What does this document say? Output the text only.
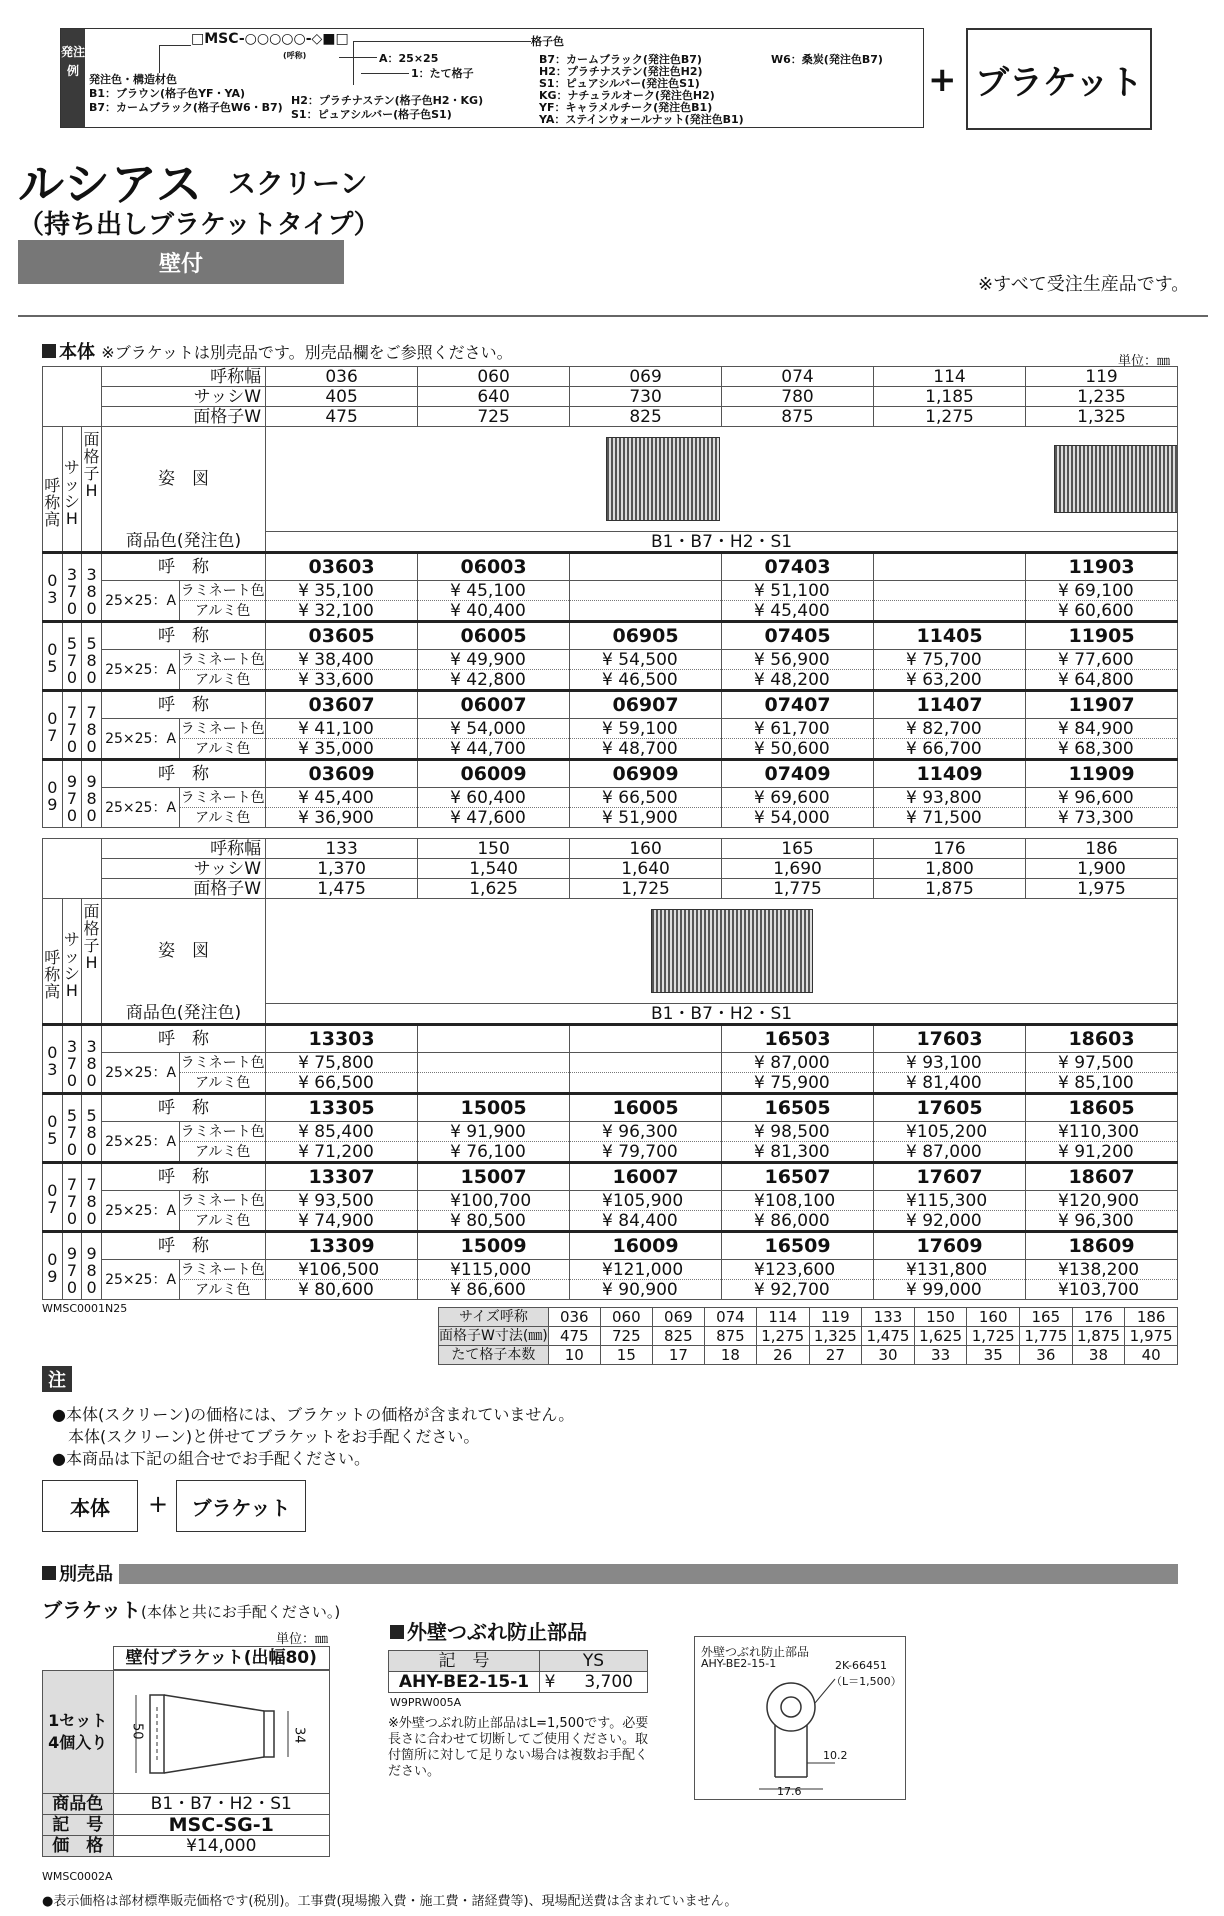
発注例
□MSC-○○○○○-◇■□
(呼称)
格子色
A：25×25
1：たて格子
発注色・構造材色
B1：ブラウン(格子色YF・YA)
B7：カームブラック(格子色W6・B7)
H2：プラチナステン(格子色H2・KG)
S1：ピュアシルバー(格子色S1)
B7：カームブラック(発注色B7)
H2：プラチナステン(発注色H2)
S1：ピュアシルバー(発注色S1)
KG：ナチュラルオーク(発注色H2)
YF：キャラメルチーク(発注色B1)
YA：ステインウォールナット(発注色B1)
W6：桑炭(発注色B7)
+ ブラケット
ルシアス スクリーン
（持ち出しブラケットタイプ）
壁付
※すべて受注生産品です。
本体 ※ブラケットは別売品です。別売品欄をご参照ください。	単位：㎜
			呼称幅		036	060	069	074	114	119
			サッシW		405	640	730	780	1,185	1,235
			面格子W		475	725	825	875	1,275	1,325
呼称高	サッシH	面格子H	姿　図							

			商品色(発注色)		B1・B7・H2・S1					
03	370	380	呼　称		03603	06003		07403		11903
			25×25：A	ラミネート色	¥ 35,100	¥ 45,100		¥ 51,100		¥ 69,100
				アルミ色	¥ 32,100	¥ 40,400		¥ 45,400		¥ 60,600
05	570	580	呼　称		03605	06005	06905	07405	11405	11905
			25×25：A	ラミネート色	¥ 38,400	¥ 49,900	¥ 54,500	¥ 56,900	¥ 75,700	¥ 77,600
				アルミ色	¥ 33,600	¥ 42,800	¥ 46,500	¥ 48,200	¥ 63,200	¥ 64,800
07	770	780	呼　称		03607	06007	06907	07407	11407	11907
			25×25：A	ラミネート色	¥ 41,100	¥ 54,000	¥ 59,100	¥ 61,700	¥ 82,700	¥ 84,900
				アルミ色	¥ 35,000	¥ 44,700	¥ 48,700	¥ 50,600	¥ 66,700	¥ 68,300
09	970	980	呼　称		03609	06009	06909	07409	11409	11909
			25×25：A	ラミネート色	¥ 45,400	¥ 60,400	¥ 66,500	¥ 69,600	¥ 93,800	¥ 96,600
				アルミ色	¥ 36,900	¥ 47,600	¥ 51,900	¥ 54,000	¥ 71,500	¥ 73,300
			呼称幅		133	150	160	165	176	186
			サッシW		1,370	1,540	1,640	1,690	1,800	1,900
			面格子W		1,475	1,625	1,725	1,775	1,875	1,975
呼称高	サッシH	面格子H	姿　図							

			商品色(発注色)		B1・B7・H2・S1					
03	370	380	呼　称		13303			16503	17603	18603
			25×25：A	ラミネート色	¥ 75,800			¥ 87,000	¥ 93,100	¥ 97,500
				アルミ色	¥ 66,500			¥ 75,900	¥ 81,400	¥ 85,100
05	570	580	呼　称		13305	15005	16005	16505	17605	18605
			25×25：A	ラミネート色	¥ 85,400	¥ 91,900	¥ 96,300	¥ 98,500	¥105,200	¥110,300
				アルミ色	¥ 71,200	¥ 76,100	¥ 79,700	¥ 81,300	¥ 87,000	¥ 91,200
07	770	780	呼　称		13307	15007	16007	16507	17607	18607
			25×25：A	ラミネート色	¥ 93,500	¥100,700	¥105,900	¥108,100	¥115,300	¥120,900
				アルミ色	¥ 74,900	¥ 80,500	¥ 84,400	¥ 86,000	¥ 92,000	¥ 96,300
09	970	980	呼　称		13309	15009	16009	16509	17609	18609
			25×25：A	ラミネート色	¥106,500	¥115,000	¥121,000	¥123,600	¥131,800	¥138,200
				アルミ色	¥ 80,600	¥ 86,600	¥ 90,900	¥ 92,700	¥ 99,000	¥103,700
WMSC0001N25	サイズ呼称	036	060	069	074	114	119	133	150	160	165	176	186
面格子W寸法(㎜)	475	725	825	875	1,275	1,325	1,475	1,625	1,725	1,775	1,875	1,975
たて格子本数	10	15	17	18	26	27	30	33	35	36	38	40
注
●本体(スクリーン)の価格には、ブラケットの価格が含まれていません。
　本体(スクリーン)と併せてブラケットをお手配ください。
●本商品は下記の組合せでお手配ください。
本体	+	ブラケット
別売品
ブラケット(本体と共にお手配ください。)
単位：㎜
	壁付ブラケット(出幅80)

1セット4個入り	50 34

商品色	B1・B7・H2・S1
記　号	MSC-SG-1
価　格	¥14,000
WMSC0002A
外壁つぶれ防止部品
記　号	YS	
AHY-BE2-15-1	¥	3,700
W9PRW005A
※外壁つぶれ防止部品はL=1,500です。必要長さに合わせて切断してご使用ください。取付箇所に対して足りない場合は複数お手配ください。
外壁つぶれ防止部品
AHY-BE2-15-1	2K-66451
（L＝1,500）
10.2
17.6
●表示価格は部材標準販売価格です(税別)。工事費(現場搬入費・施工費・諸経費等)、現場配送費は含まれていません。
